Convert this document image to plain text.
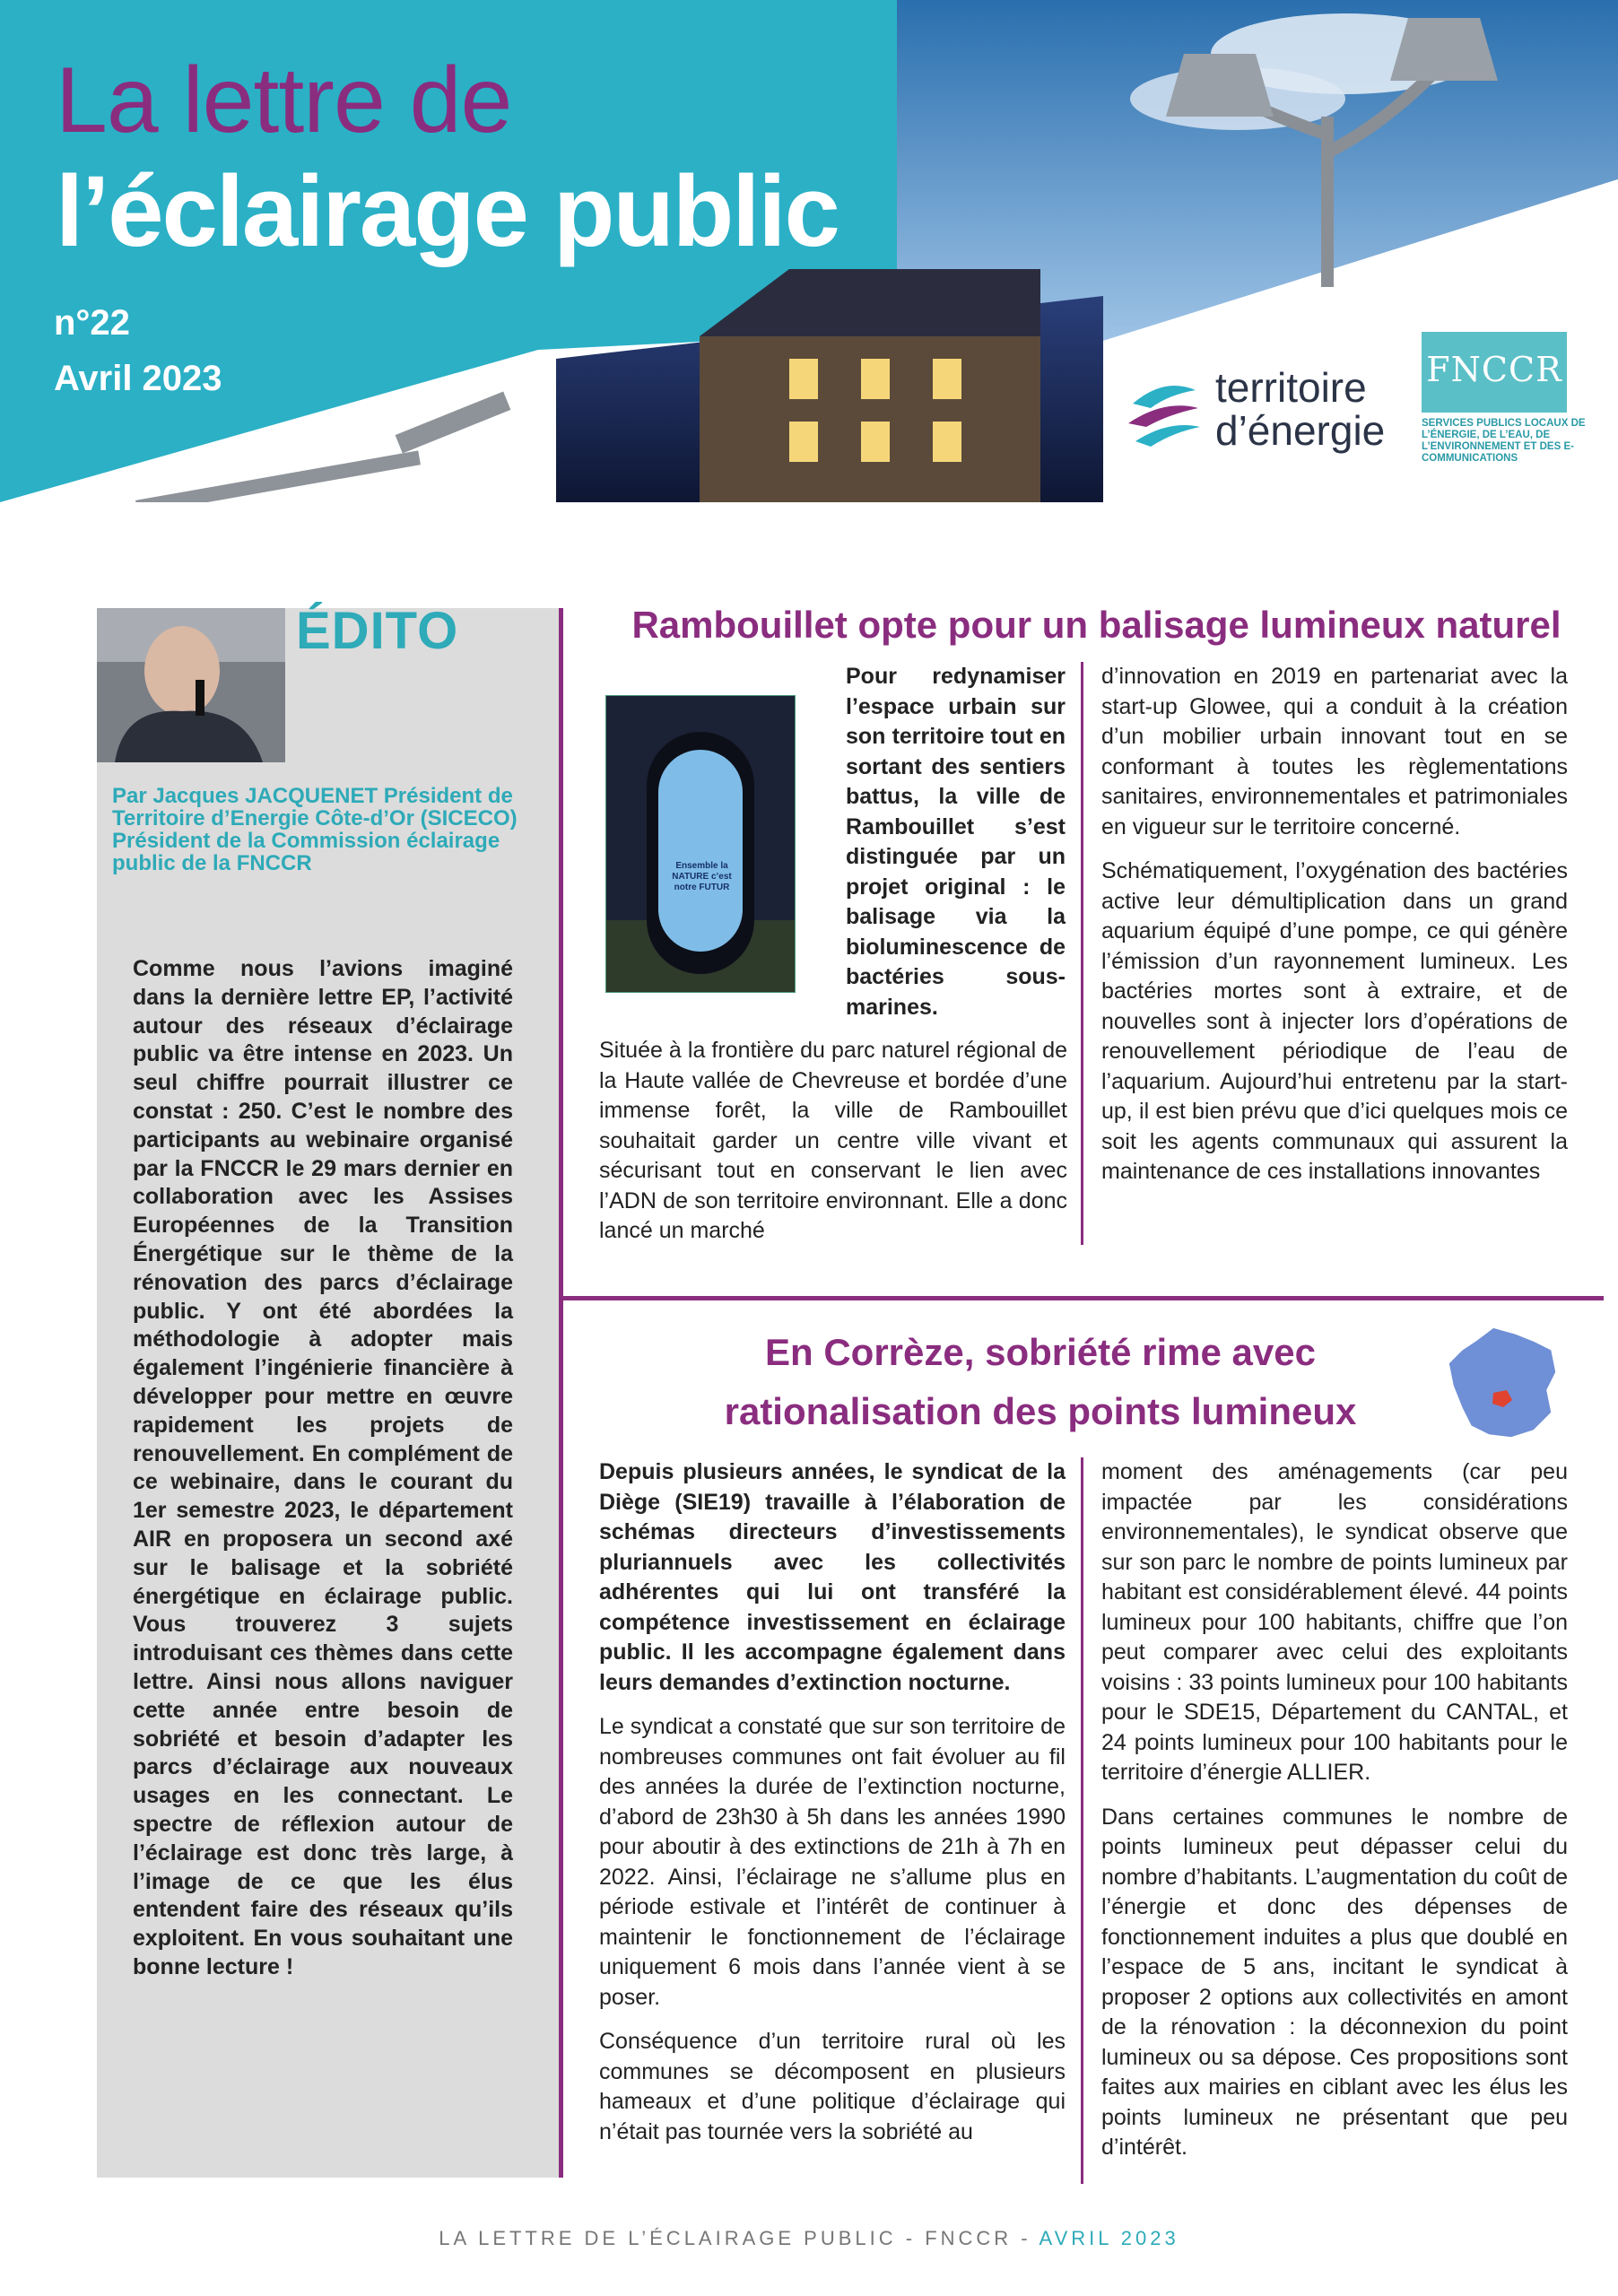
La lettre de
l’éclairage public
n°22
Avril 2023	territoire
d’énergie
FNCCR
SERVICES PUBLICS LOCAUX DE L’ÉNERGIE, DE L’EAU, DE L’ENVIRONNEMENT ET DES E-COMMUNICATIONS
ÉDITO
Par Jacques JACQUENET Président de Territoire d’Energie Côte-d’Or (SICECO) Président de la Commission éclairage public de la FNCCR
Comme nous l’avions imaginé dans la dernière lettre EP, l’activité autour des réseaux d’éclairage public va être intense en 2023. Un seul chiffre pourrait illustrer ce constat : 250. C’est le nombre des participants au webinaire organisé par la FNCCR le 29 mars dernier en collaboration avec les Assises Européennes de la Transition Énergétique sur le thème de la rénovation des parcs d’éclairage public. Y ont été abordées la méthodologie à adopter mais également l’ingénierie financière à développer pour mettre en œuvre rapidement les projets de renouvellement. En complément de ce webinaire, dans le courant du 1er semestre 2023, le département AIR en proposera un second axé sur le balisage et la sobriété énergétique en éclairage public. Vous trouverez 3 sujets introduisant ces thèmes dans cette lettre. Ainsi nous allons naviguer cette année entre besoin de sobriété et besoin d’adapter les parcs d’éclairage aux nouveaux usages en les connectant. Le spectre de réflexion autour de l’éclairage est donc très large, à l’image de ce que les élus entendent faire des réseaux qu’ils exploitent. En vous souhaitant une bonne lecture !
Rambouillet opte pour un balisage lumineux naturel
Ensemble la NATURE c’est notre FUTUR
Pour redynamiser l’espace urbain sur son territoire tout en sortant des sentiers battus, la ville de Rambouillet s’est distinguée par un projet original : le balisage via la bioluminescence de bactéries sous-marines.
Située à la frontière du parc naturel régional de la Haute vallée de Chevreuse et bordée d’une immense forêt, la ville de Rambouillet souhaitait garder un centre ville vivant et sécurisant tout en conservant le lien avec l’ADN de son territoire environnant. Elle a donc lancé un marché

d’innovation en 2019 en partenariat avec la start-up Glowee, qui a conduit à la création d’un mobilier urbain innovant tout en se conformant à toutes les règlementations sanitaires, environnementales et patrimoniales en vigueur sur le territoire concerné.

Schématiquement, l’oxygénation des bactéries active leur démultiplication dans un grand aquarium équipé d’une pompe, ce qui génère l’émission d’un rayonnement lumineux. Les bactéries mortes sont à extraire, et de nouvelles sont à injecter lors d’opérations de renouvellement périodique de l’eau de l’aquarium. Aujourd’hui entretenu par la start-up, il est bien prévu que d’ici quelques mois ce soit les agents communaux qui assurent la maintenance de ces installations innovantes

En Corrèze, sobriété rime avec
rationalisation des points lumineux

Depuis plusieurs années, le syndicat de la Diège (SIE19) travaille à l’élaboration de schémas directeurs d’investissements pluriannuels avec les collectivités adhérentes qui lui ont transféré la compétence investissement en éclairage public. Il les accompagne également dans leurs demandes d’extinction nocturne.

Le syndicat a constaté que sur son territoire de nombreuses communes ont fait évoluer au fil des années la durée de l’extinction nocturne, d’abord de 23h30 à 5h dans les années 1990 pour aboutir à des extinctions de 21h à 7h en 2022. Ainsi, l’éclairage ne s’allume plus en période estivale et l’intérêt de continuer à maintenir le fonctionnement de l’éclairage uniquement 6 mois dans l’année vient à se poser.

Conséquence d’un territoire rural où les communes se décomposent en plusieurs hameaux et d’une politique d’éclairage qui n’était pas tournée vers la sobriété au

moment des aménagements (car peu impactée par les considérations environnementales), le syndicat observe que sur son parc le nombre de points lumineux par habitant est considérablement élevé. 44 points lumineux pour 100 habitants, chiffre que l’on peut comparer avec celui des exploitants voisins : 33 points lumineux pour 100 habitants pour le SDE15, Département du CANTAL, et 24 points lumineux pour 100 habitants pour le territoire d’énergie ALLIER.

Dans certaines communes le nombre de points lumineux peut dépasser celui du nombre d’habitants. L’augmentation du coût de l’énergie et donc des dépenses de fonctionnement induites a plus que doublé en l’espace de 5 ans, incitant le syndicat à proposer 2 options aux collectivités en amont de la rénovation : la déconnexion du point lumineux ou sa dépose. Ces propositions sont faites aux mairies en ciblant avec les élus les points lumineux ne présentant que peu d’intérêt.

LA LETTRE DE L’ÉCLAIRAGE PUBLIC - FNCCR - AVRIL 2023
